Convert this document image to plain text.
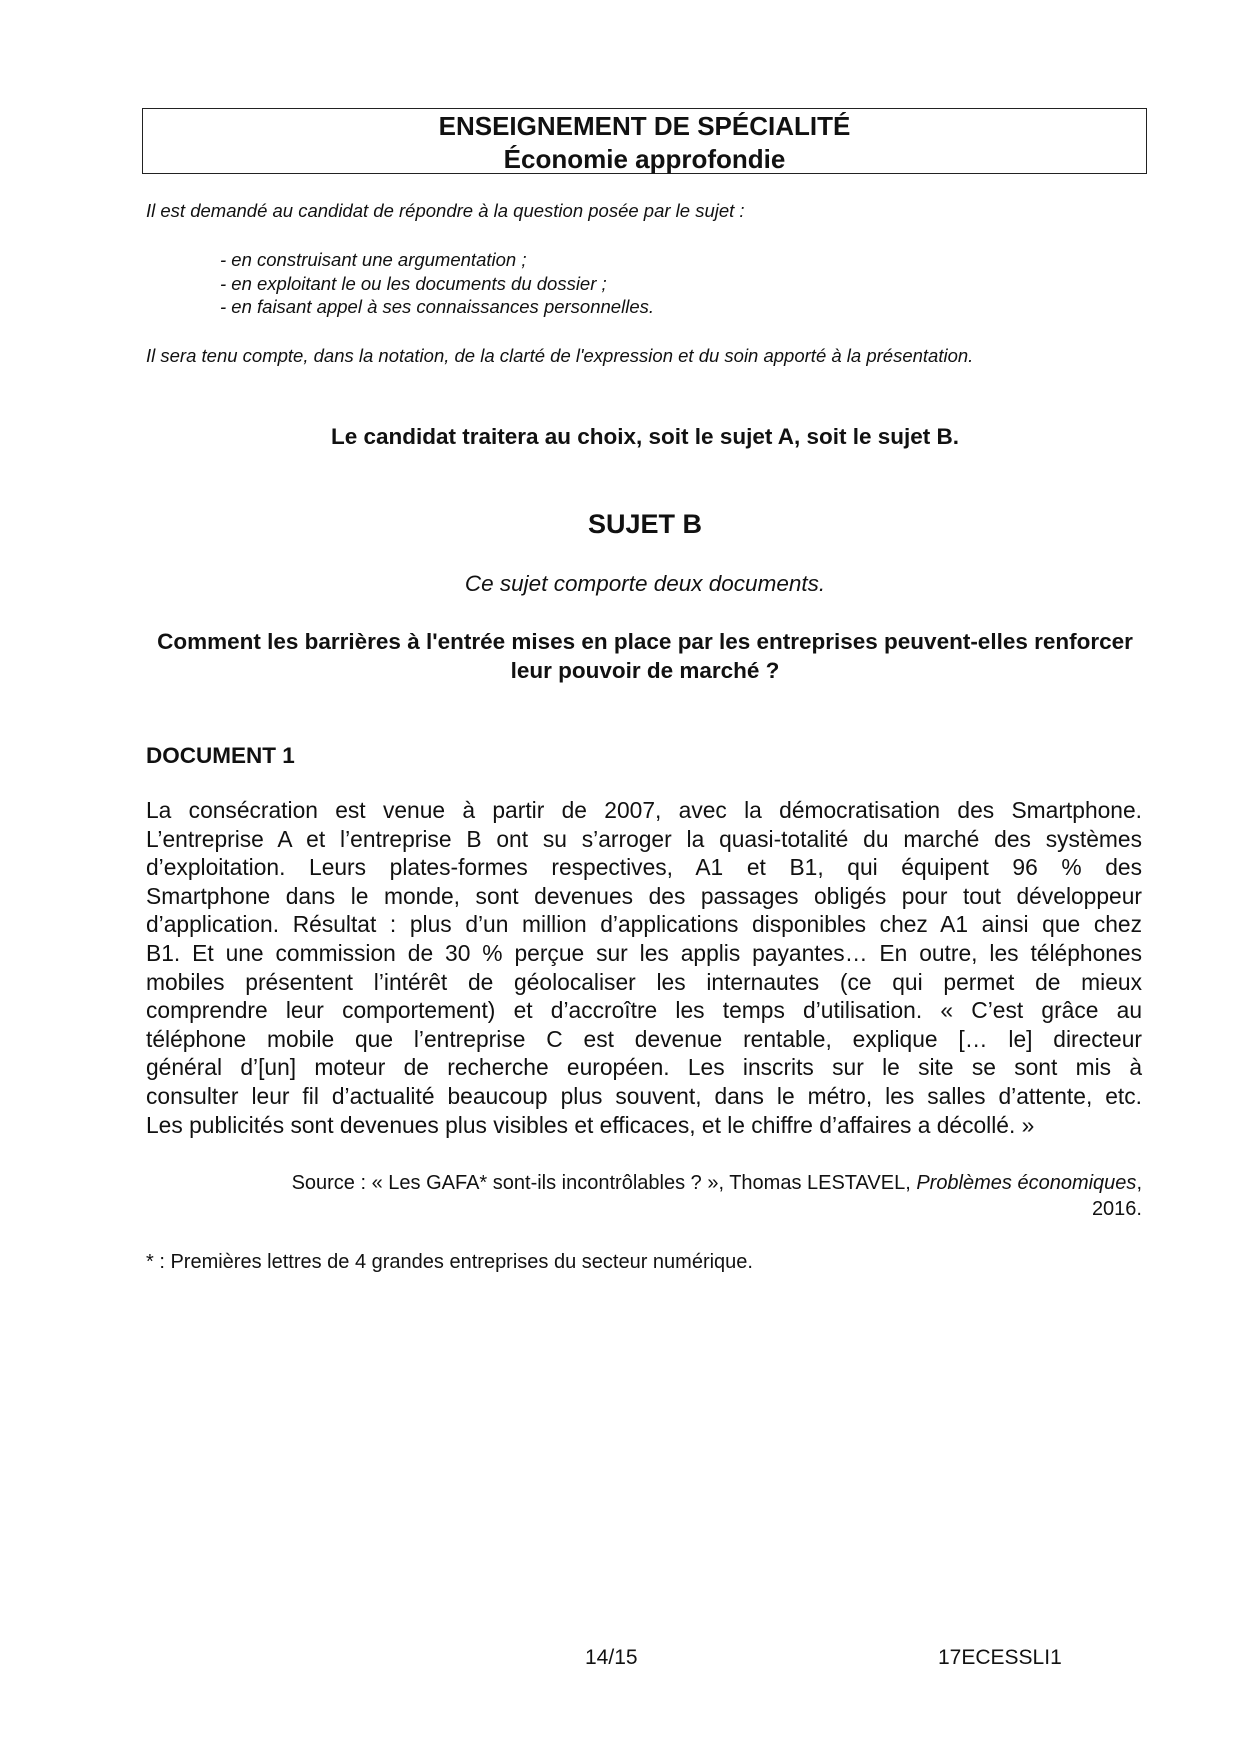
ENSEIGNEMENT DE SPÉCIALITÉ
Économie approfondie
Il est demandé au candidat de répondre à la question posée par le sujet :
- en construisant une argumentation ;
- en exploitant le ou les documents du dossier ;
- en faisant appel à ses connaissances personnelles.
Il sera tenu compte, dans la notation, de la clarté de l'expression et du soin apporté à la présentation.
Le candidat traitera au choix, soit le sujet A, soit le sujet B.
SUJET B
Ce sujet comporte deux documents.
Comment les barrières à l'entrée mises en place par les entreprises peuvent-elles renforcer leur pouvoir de marché ?
DOCUMENT 1
La consécration est venue à partir de 2007, avec la démocratisation des Smartphone.
L’entreprise A et l’entreprise B ont su s’arroger la quasi-totalité du marché des systèmes
d’exploitation. Leurs plates-formes respectives, A1 et B1, qui équipent 96 % des
Smartphone dans le monde, sont devenues des passages obligés pour tout développeur
d’application. Résultat : plus d’un million d’applications disponibles chez A1 ainsi que chez
B1. Et une commission de 30 % perçue sur les applis payantes… En outre, les téléphones
mobiles présentent l’intérêt de géolocaliser les internautes (ce qui permet de mieux
comprendre leur comportement) et d’accroître les temps d’utilisation. « C’est grâce au
téléphone mobile que l’entreprise C est devenue rentable, explique [… le] directeur
général d’[un] moteur de recherche européen. Les inscrits sur le site se sont mis à
consulter leur fil d’actualité beaucoup plus souvent, dans le métro, les salles d’attente, etc.
Les publicités sont devenues plus visibles et efficaces, et le chiffre d’affaires a décollé. »
Source : « Les GAFA* sont-ils incontrôlables ? », Thomas LESTAVEL, Problèmes économiques,
2016.
* : Premières lettres de 4 grandes entreprises du secteur numérique.
14/15	17ECESSLI1
